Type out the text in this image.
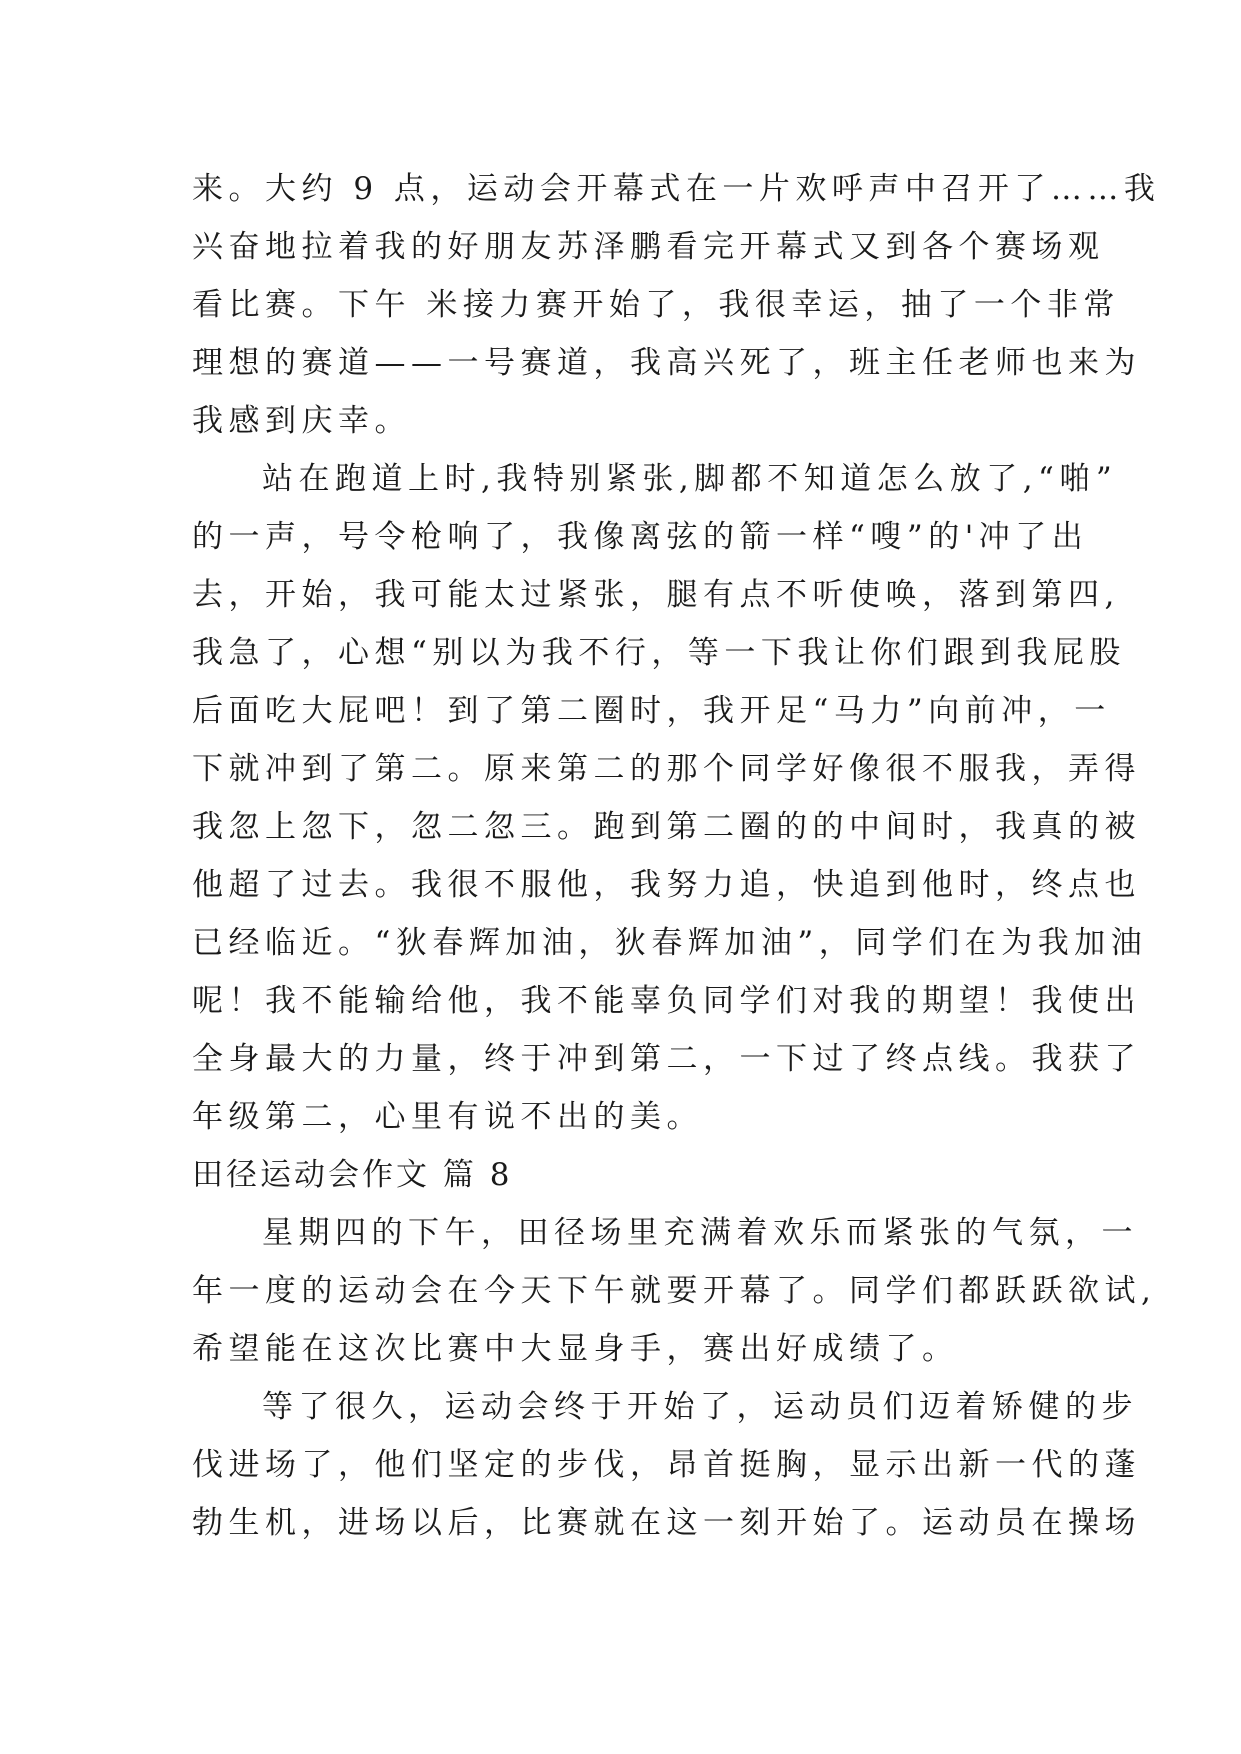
来。大约 9 点，运动会开幕式在一片欢呼声中召开了……我
兴奋地拉着我的好朋友苏泽鹏看完开幕式又到各个赛场观
看比赛。下午 米接力赛开始了，我很幸运，抽了一个非常
理想的赛道——一号赛道，我高兴死了，班主任老师也来为
我感到庆幸。
站在跑道上时,我特别紧张,脚都不知道怎么放了,“啪”
的一声，号令枪响了，我像离弦的箭一样“嗖”的'冲了出
去，开始，我可能太过紧张，腿有点不听使唤，落到第四,
我急了，心想“别以为我不行，等一下我让你们跟到我屁股
后面吃大屁吧！到了第二圈时，我开足“马力”向前冲，一
下就冲到了第二。原来第二的那个同学好像很不服我，弄得
我忽上忽下，忽二忽三。跑到第二圈的的中间时，我真的被
他超了过去。我很不服他，我努力追，快追到他时，终点也
已经临近。“狄春辉加油，狄春辉加油”，同学们在为我加油
呢！我不能输给他，我不能辜负同学们对我的期望！我使出
全身最大的力量，终于冲到第二，一下过了终点线。我获了
年级第二，心里有说不出的美。
田径运动会作文 篇 8
星期四的下午，田径场里充满着欢乐而紧张的气氛，一
年一度的运动会在今天下午就要开幕了。同学们都跃跃欲试,
希望能在这次比赛中大显身手，赛出好成绩了。
等了很久，运动会终于开始了，运动员们迈着矫健的步
伐进场了，他们坚定的步伐，昂首挺胸，显示出新一代的蓬
勃生机，进场以后，比赛就在这一刻开始了。运动员在操场
